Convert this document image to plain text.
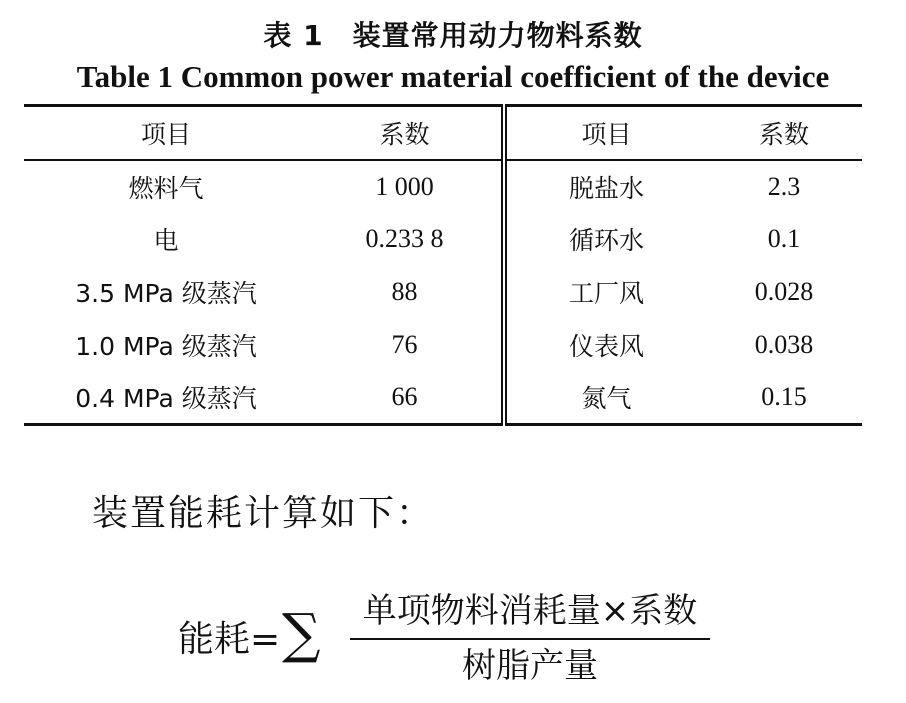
表 1　装置常用动力物料系数
Table 1 Common power material coefficient of the device
项目	系数	项目	系数
燃料气	1 000	脱盐水	2.3
电	0.233 8	循环水	0.1
3.5 MPa 级蒸汽	88	工厂风	0.028
1.0 MPa 级蒸汽	76	仪表风	0.038
0.4 MPa 级蒸汽	66	氮气	0.15
装置能耗计算如下：
能耗= ∑	单项物料消耗量×系数
树脂产量
